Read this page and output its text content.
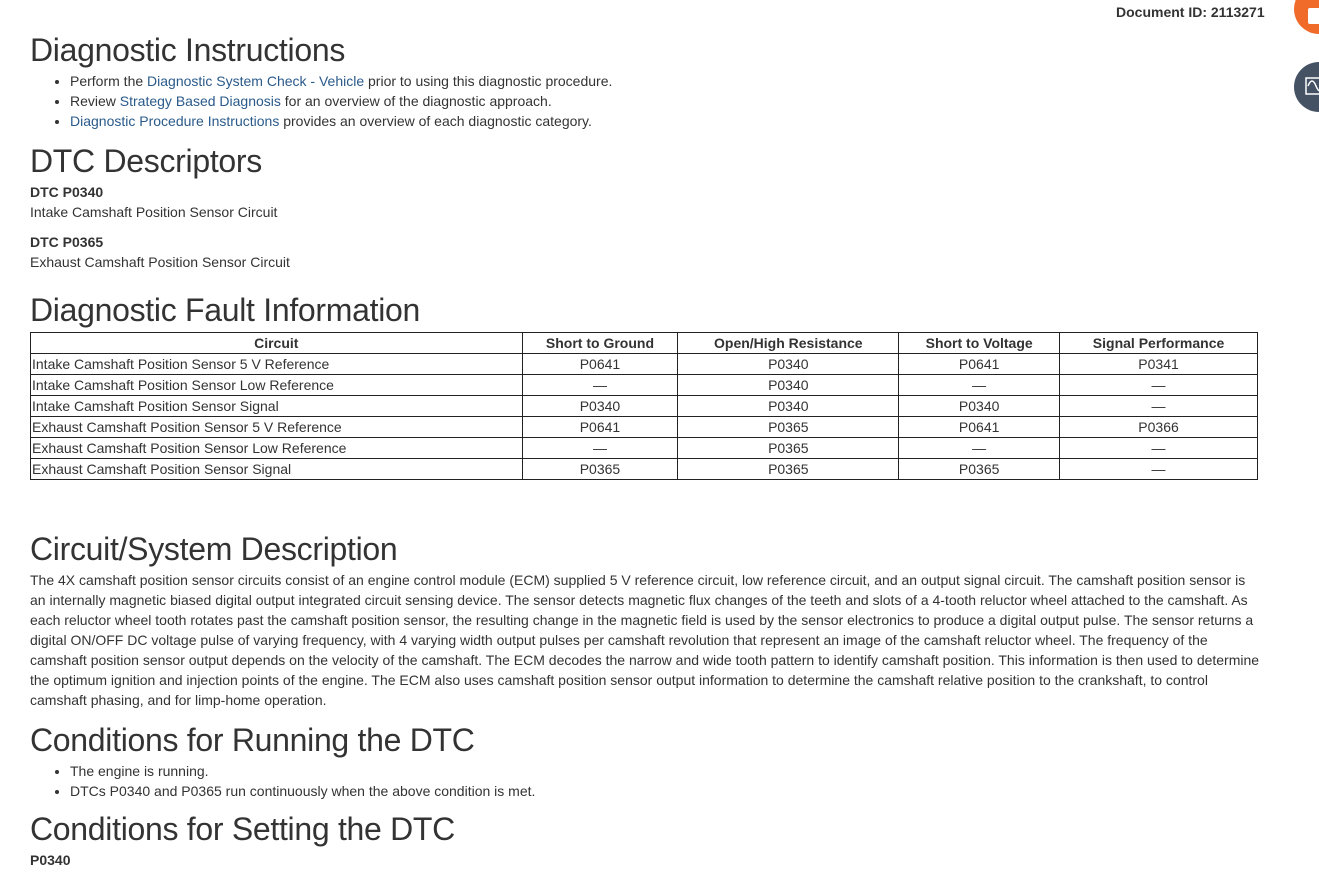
Document ID: 2113271
Diagnostic Instructions
• Perform the Diagnostic System Check - Vehicle prior to using this diagnostic procedure.
• Review Strategy Based Diagnosis for an overview of the diagnostic approach.
• Diagnostic Procedure Instructions provides an overview of each diagnostic category.
DTC Descriptors

DTC P0340

Intake Camshaft Position Sensor Circuit

DTC P0365

Exhaust Camshaft Position Sensor Circuit

Diagnostic Fault Information
Circuit	Short to Ground	Open/High Resistance	Short to Voltage	Signal Performance
Intake Camshaft Position Sensor 5 V Reference	P0641	P0340	P0641	P0341
Intake Camshaft Position Sensor Low Reference	—	P0340	—	—
Intake Camshaft Position Sensor Signal	P0340	P0340	P0340	—
Exhaust Camshaft Position Sensor 5 V Reference	P0641	P0365	P0641	P0366
Exhaust Camshaft Position Sensor Low Reference	—	P0365	—	—
Exhaust Camshaft Position Sensor Signal	P0365	P0365	P0365	—
Circuit/System Description

The 4X camshaft position sensor circuits consist of an engine control module (ECM) supplied 5 V reference circuit, low reference circuit, and an output signal circuit. The camshaft position sensor is an internally magnetic biased digital output integrated circuit sensing device. The sensor detects magnetic flux changes of the teeth and slots of a 4-tooth reluctor wheel attached to the camshaft. As each reluctor wheel tooth rotates past the camshaft position sensor, the resulting change in the magnetic field is used by the sensor electronics to produce a digital output pulse. The sensor returns a digital ON/OFF DC voltage pulse of varying frequency, with 4 varying width output pulses per camshaft revolution that represent an image of the camshaft reluctor wheel. The frequency of the camshaft position sensor output depends on the velocity of the camshaft. The ECM decodes the narrow and wide tooth pattern to identify camshaft position. This information is then used to determine the optimum ignition and injection points of the engine. The ECM also uses camshaft position sensor output information to determine the camshaft relative position to the crankshaft, to control camshaft phasing, and for limp-home operation.

Conditions for Running the DTC
• The engine is running.
• DTCs P0340 and P0365 run continuously when the above condition is met.
Conditions for Setting the DTC

P0340
